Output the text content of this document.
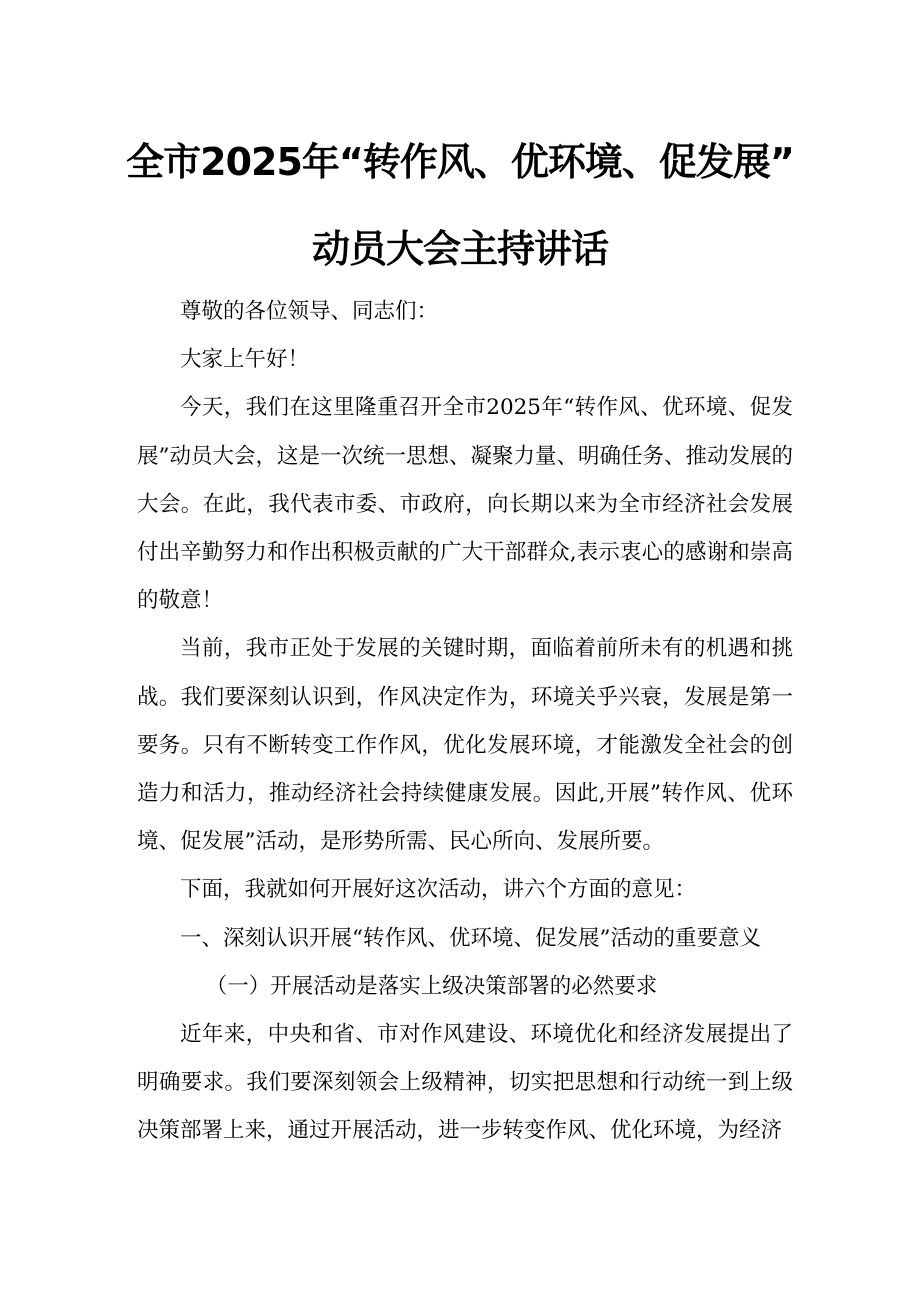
全市2025年“转作风、优环境、促发展”
动员大会主持讲话

尊敬的各位领导、同志们：

大家上午好！

今天，我们在这里隆重召开全市2025年“转作风、优环境、促发展”动员大会，这是一次统一思想、凝聚力量、明确任务、推动发展的大会。在此，我代表市委、市政府，向长期以来为全市经济社会发展付出辛勤努力和作出积极贡献的广大干部群众,表示衷心的感谢和崇高的敬意！

当前，我市正处于发展的关键时期，面临着前所未有的机遇和挑战。我们要深刻认识到，作风决定作为，环境关乎兴衰，发展是第一要务。只有不断转变工作作风，优化发展环境，才能激发全社会的创造力和活力，推动经济社会持续健康发展。因此,开展”转作风、优环境、促发展”活动，是形势所需、民心所向、发展所要。

下面，我就如何开展好这次活动，讲六个方面的意见：

一、深刻认识开展“转作风、优环境、促发展”活动的重要意义

（一）开展活动是落实上级决策部署的必然要求

近年来，中央和省、市对作风建设、环境优化和经济发展提出了明确要求。我们要深刻领会上级精神，切实把思想和行动统一到上级决策部署上来，通过开展活动，进一步转变作风、优化环境，为经济
